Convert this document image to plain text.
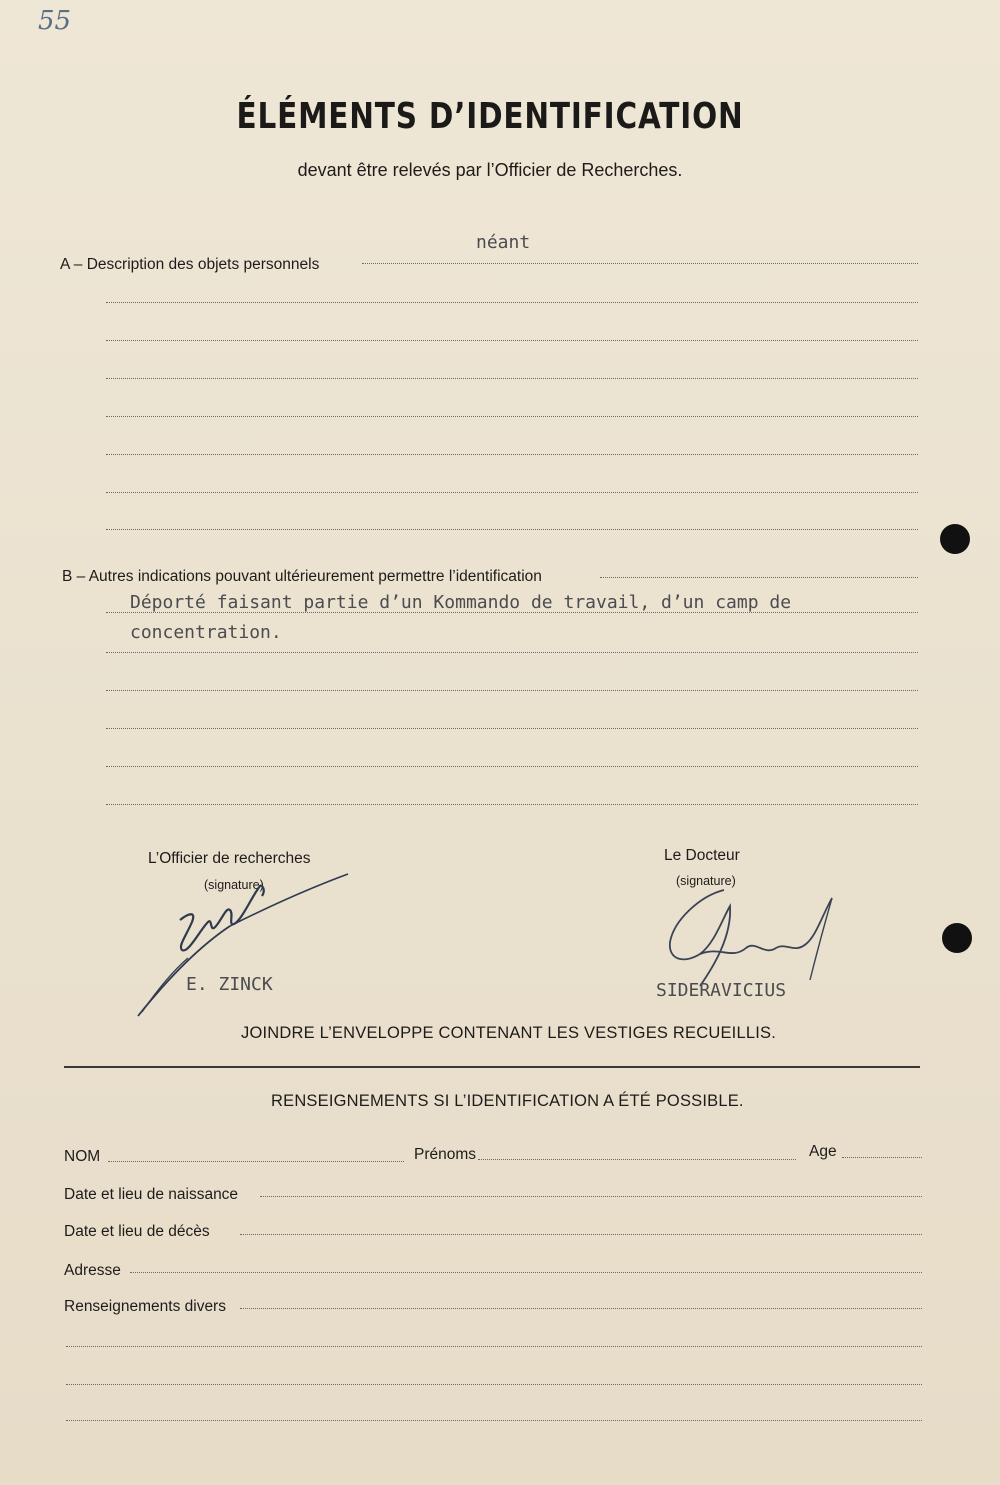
55
ÉLÉMENTS D’IDENTIFICATION
devant être relevés par l’Officier de Recherches.
néant
A – Description des objets personnels
B – Autres indications pouvant ultérieurement permettre l’identification
Déporté faisant partie d’un Kommando de travail, d’un camp de
concentration.
L’Officier de recherches
(signature)
E. ZINCK
Le Docteur
(signature)
SIDERAVICIUS
JOINDRE L’ENVELOPPE CONTENANT LES VESTIGES RECUEILLIS.
RENSEIGNEMENTS SI L’IDENTIFICATION A ÉTÉ POSSIBLE.
NOM	Prénoms	Age
Date et lieu de naissance
Date et lieu de décès
Adresse
Renseignements divers
